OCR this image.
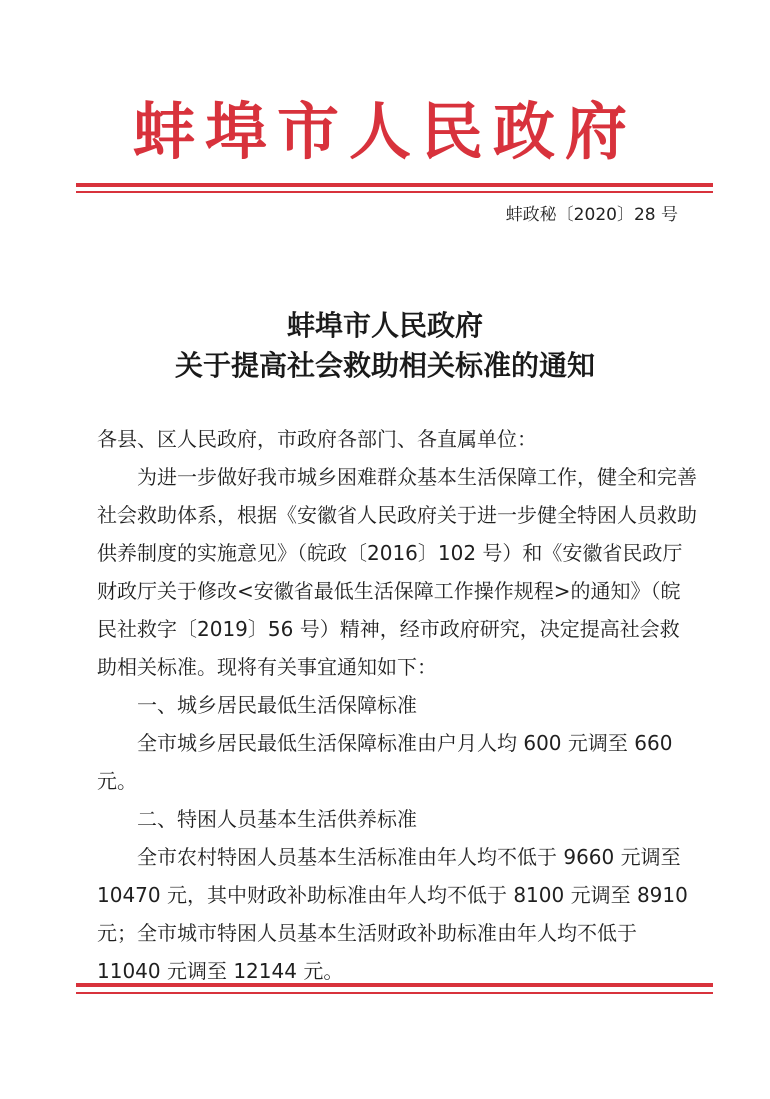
蚌埠市人民政府
蚌政秘〔2020〕28 号
蚌埠市人民政府
关于提高社会救助相关标准的通知

各县、区人民政府，市政府各部门、各直属单位：

为进一步做好我市城乡困难群众基本生活保障工作，健全和完善社会救助体系，根据《安徽省人民政府关于进一步健全特困人员救助供养制度的实施意见》（皖政〔2016〕102 号）和《安徽省民政厅财政厅关于修改<安徽省最低生活保障工作操作规程>的通知》（皖民社救字〔2019〕56 号）精神，经市政府研究，决定提高社会救助相关标准。现将有关事宜通知如下：

一、城乡居民最低生活保障标准

全市城乡居民最低生活保障标准由户月人均 600 元调至 660 元。

二、特困人员基本生活供养标准

全市农村特困人员基本生活标准由年人均不低于 9660 元调至 10470 元，其中财政补助标准由年人均不低于 8100 元调至 8910 元；全市城市特困人员基本生活财政补助标准由年人均不低于 11040 元调至 12144 元。
